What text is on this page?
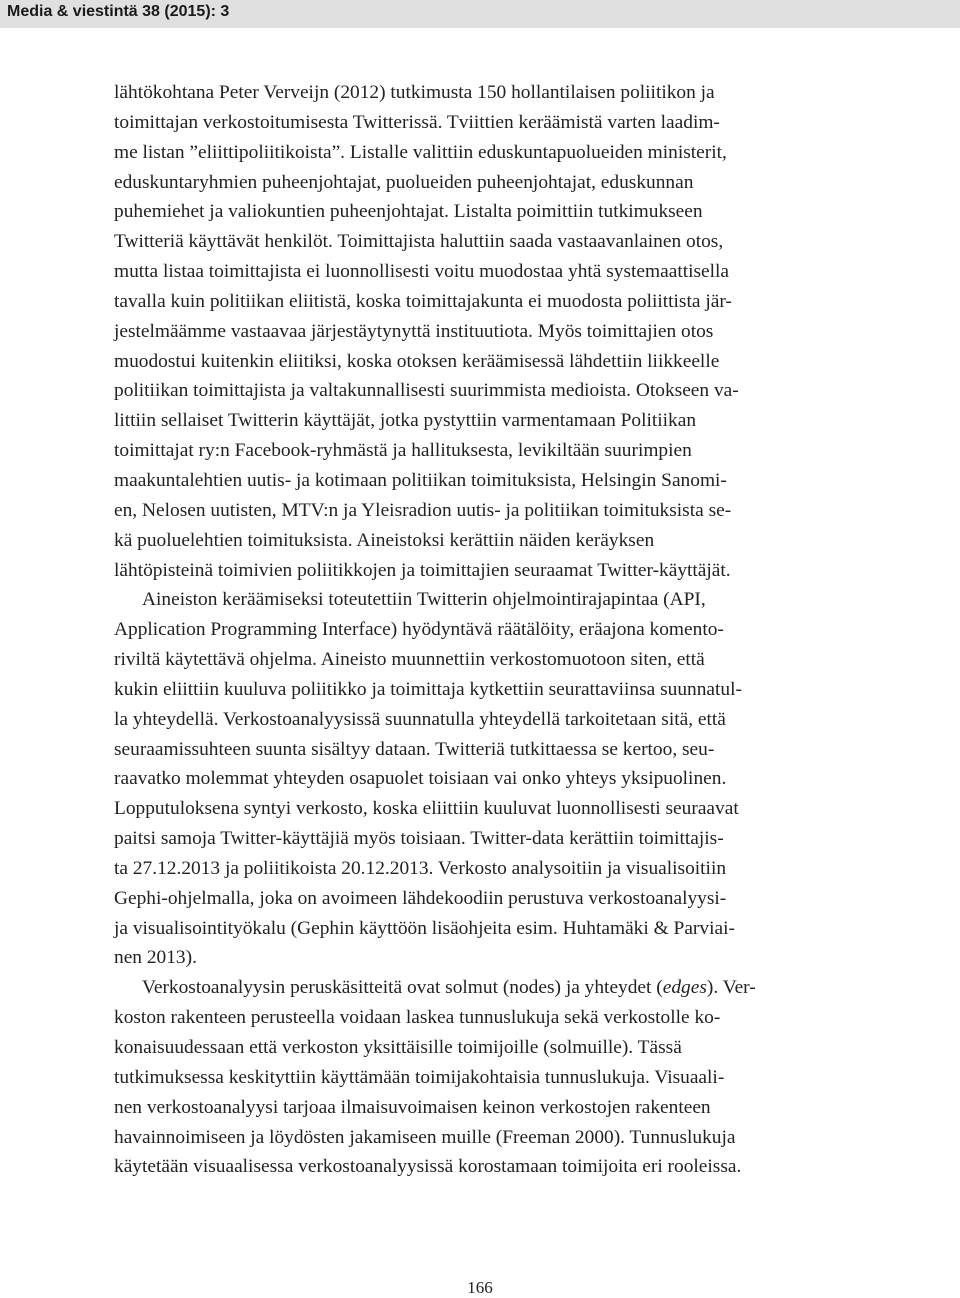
Media & viestintä 38 (2015): 3

lähtökohtana Peter Verveijn (2012) tutkimusta 150 hollantilaisen poliitikon ja
toimittajan verkostoitumisesta Twitterissä. Tviittien keräämistä varten laadim-
me listan ”eliittipoliitikoista”. Listalle valittiin eduskuntapuolueiden ministerit,
eduskuntaryhmien puheenjohtajat, puolueiden puheenjohtajat, eduskunnan
puhemiehet ja valiokuntien puheenjohtajat. Listalta poimittiin tutkimukseen
Twitteriä käyttävät henkilöt. Toimittajista haluttiin saada vastaavanlainen otos,
mutta listaa toimittajista ei luonnollisesti voitu muodostaa yhtä systemaattisella
tavalla kuin politiikan eliitistä, koska toimittajakunta ei muodosta poliittista jär-
jestelmäämme vastaavaa järjestäytynyttä instituutiota. Myös toimittajien otos
muodostui kuitenkin eliitiksi, koska otoksen keräämisessä lähdettiin liikkeelle
politiikan toimittajista ja valtakunnallisesti suurimmista medioista. Otokseen va-
littiin sellaiset Twitterin käyttäjät, jotka pystyttiin varmentamaan Politiikan
toimittajat ry:n Facebook-ryhmästä ja hallituksesta, levikiltään suurimpien
maakuntalehtien uutis- ja kotimaan politiikan toimituksista, Helsingin Sanomi-
en, Nelosen uutisten, MTV:n ja Yleisradion uutis- ja politiikan toimituksista se-
kä puoluelehtien toimituksista. Aineistoksi kerättiin näiden keräyksen
lähtöpisteinä toimivien poliitikkojen ja toimittajien seuraamat Twitter-käyttäjät.

Aineiston keräämiseksi toteutettiin Twitterin ohjelmointirajapintaa (API,
Application Programming Interface) hyödyntävä räätälöity, eräajona komento-
riviltä käytettävä ohjelma. Aineisto muunnettiin verkostomuotoon siten, että
kukin eliittiin kuuluva poliitikko ja toimittaja kytkettiin seurattaviinsa suunnatul-
la yhteydellä. Verkostoanalyysissä suunnatulla yhteydellä tarkoitetaan sitä, että
seuraamissuhteen suunta sisältyy dataan. Twitteriä tutkittaessa se kertoo, seu-
raavatko molemmat yhteyden osapuolet toisiaan vai onko yhteys yksipuolinen.
Lopputuloksena syntyi verkosto, koska eliittiin kuuluvat luonnollisesti seuraavat
paitsi samoja Twitter-käyttäjiä myös toisiaan. Twitter-data kerättiin toimittajis-
ta 27.12.2013 ja poliitikoista 20.12.2013. Verkosto analysoitiin ja visualisoitiin
Gephi-ohjelmalla, joka on avoimeen lähdekoodiin perustuva verkostoanalyysi-
ja visualisointityökalu (Gephin käyttöön lisäohjeita esim. Huhtamäki & Parviai-
nen 2013).

Verkostoanalyysin peruskäsitteitä ovat solmut (nodes) ja yhteydet (edges). Ver-
koston rakenteen perusteella voidaan laskea tunnuslukuja sekä verkostolle ko-
konaisuudessaan että verkoston yksittäisille toimijoille (solmuille). Tässä
tutkimuksessa keskityttiin käyttämään toimijakohtaisia tunnuslukuja. Visuaali-
nen verkostoanalyysi tarjoaa ilmaisuvoimaisen keinon verkostojen rakenteen
havainnoimiseen ja löydösten jakamiseen muille (Freeman 2000). Tunnuslukuja
käytetään visuaalisessa verkostoanalyysissä korostamaan toimijoita eri rooleissa.

166
